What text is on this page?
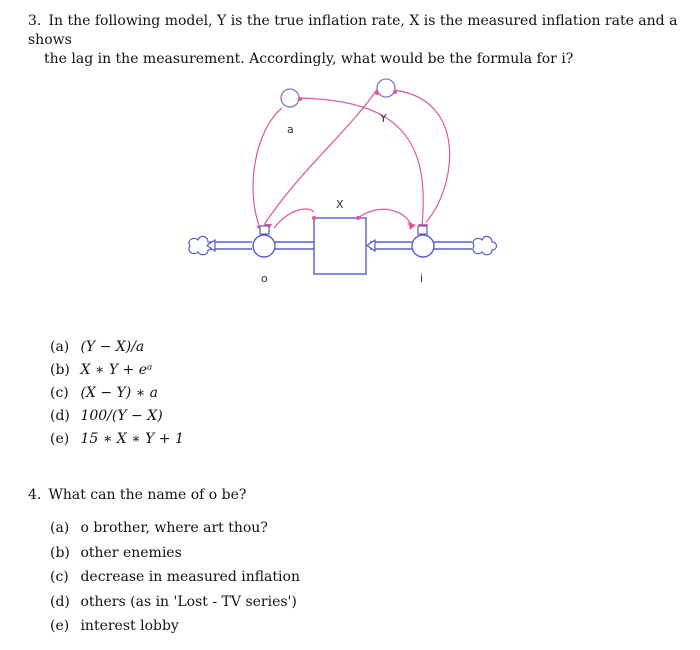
3. In the following model, Y is the true inflation rate, X is the measured inflation rate and a shows
the lag in the measurement. Accordingly, what would be the formula for i?
a
Y
o
X
i
(a) (Y − X)/a
(b) X ∗ Y + eᵃ
(c) (X − Y) ∗ a
(d) 100/(Y − X)
(e) 15 ∗ X ∗ Y + 1
4. What can the name of o be?
(a) o brother, where art thou?
(b) other enemies
(c) decrease in measured inflation
(d) others (as in 'Lost - TV series')
(e) interest lobby
